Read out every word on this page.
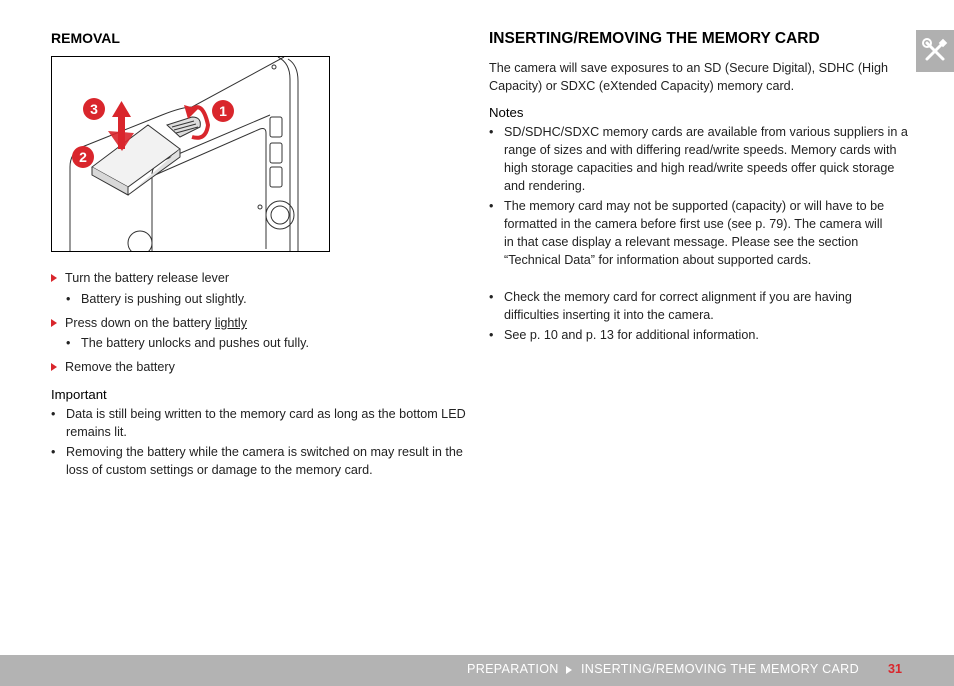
REMOVAL
3
2
1
Turn the battery release lever
• Battery is pushing out slightly.
Press down on the battery lightly
• The battery unlocks and pushes out fully.
Remove the battery
Important
• Data is still being written to the memory card as long as the bottom LED remains lit.
• Removing the battery while the camera is switched on may result in the loss of custom settings or damage to the memory card.
INSERTING/REMOVING THE MEMORY CARD
The camera will save exposures to an SD (Secure Digital), SDHC (High Capacity) or SDXC (eXtended Capacity) memory card.
Notes
• SD/SDHC/SDXC memory cards are available from various suppliers in a range of sizes and with differing read/write speeds. Memory cards with high storage capacities and high read/write speeds offer quick storage and rendering.
• The memory card may not be supported (capacity) or will have to be formatted in the camera before first use (see p. 79). The camera will in that case display a relevant message. Please see the section “Technical Data” for information about supported cards.
• Check the memory card for correct alignment if you are having difficulties inserting it into the camera.
• See p. 10 and p. 13 for additional information.
PREPARATION INSERTING/REMOVING THE MEMORY CARD 31
